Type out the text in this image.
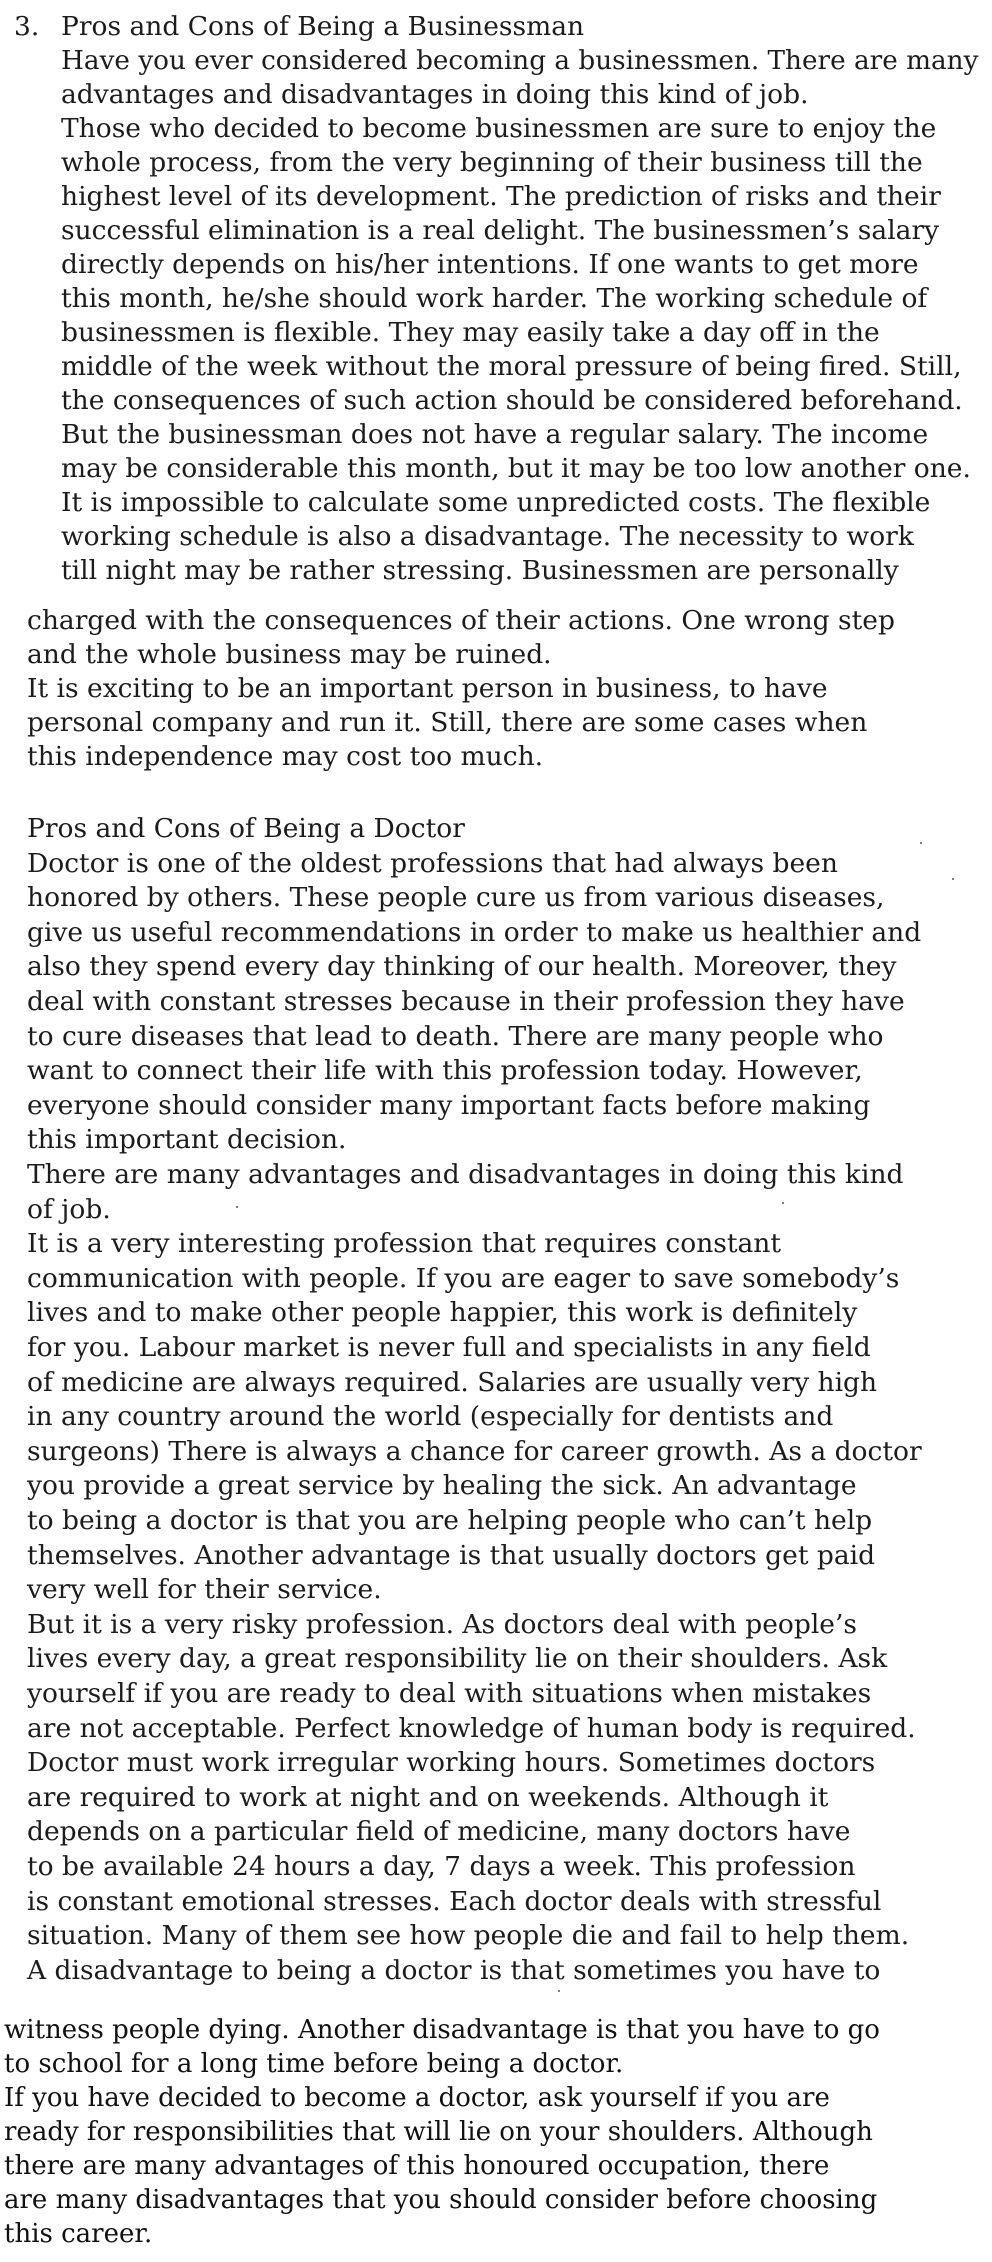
3. Pros and Cons of Being a Businessman
Have you ever considered becoming a businessmen. There are many
advantages and disadvantages in doing this kind of job.
Those who decided to become businessmen are sure to enjoy the
whole process, from the very beginning of their business till the
highest level of its development. The prediction of risks and their
successful elimination is a real delight. The businessmen’s salary
directly depends on his/her intentions. If one wants to get more
this month, he/she should work harder. The working schedule of
businessmen is flexible. They may easily take a day off in the
middle of the week without the moral pressure of being fired. Still,
the consequences of such action should be considered beforehand.
But the businessman does not have a regular salary. The income
may be considerable this month, but it may be too low another one.
It is impossible to calculate some unpredicted costs. The flexible
working schedule is also a disadvantage. The necessity to work
till night may be rather stressing. Businessmen are personally
charged with the consequences of their actions. One wrong step
and the whole business may be ruined.
It is exciting to be an important person in business, to have
personal company and run it. Still, there are some cases when
this independence may cost too much.
Pros and Cons of Being a Doctor
Doctor is one of the oldest professions that had always been
honored by others. These people cure us from various diseases,
give us useful recommendations in order to make us healthier and
also they spend every day thinking of our health. Moreover, they
deal with constant stresses because in their profession they have
to cure diseases that lead to death. There are many people who
want to connect their life with this profession today. However,
everyone should consider many important facts before making
this important decision.
There are many advantages and disadvantages in doing this kind
of job.
It is a very interesting profession that requires constant
communication with people. If you are eager to save somebody’s
lives and to make other people happier, this work is definitely
for you. Labour market is never full and specialists in any field
of medicine are always required. Salaries are usually very high
in any country around the world (especially for dentists and
surgeons) There is always a chance for career growth. As a doctor
you provide a great service by healing the sick. An advantage
to being a doctor is that you are helping people who can’t help
themselves. Another advantage is that usually doctors get paid
very well for their service.
But it is a very risky profession. As doctors deal with people’s
lives every day, a great responsibility lie on their shoulders. Ask
yourself if you are ready to deal with situations when mistakes
are not acceptable. Perfect knowledge of human body is required.
Doctor must work irregular working hours. Sometimes doctors
are required to work at night and on weekends. Although it
depends on a particular field of medicine, many doctors have
to be available 24 hours a day, 7 days a week. This profession
is constant emotional stresses. Each doctor deals with stressful
situation. Many of them see how people die and fail to help them.
A disadvantage to being a doctor is that sometimes you have to
witness people dying. Another disadvantage is that you have to go
to school for a long time before being a doctor.
If you have decided to become a doctor, ask yourself if you are
ready for responsibilities that will lie on your shoulders. Although
there are many advantages of this honoured occupation, there
are many disadvantages that you should consider before choosing
this career.
